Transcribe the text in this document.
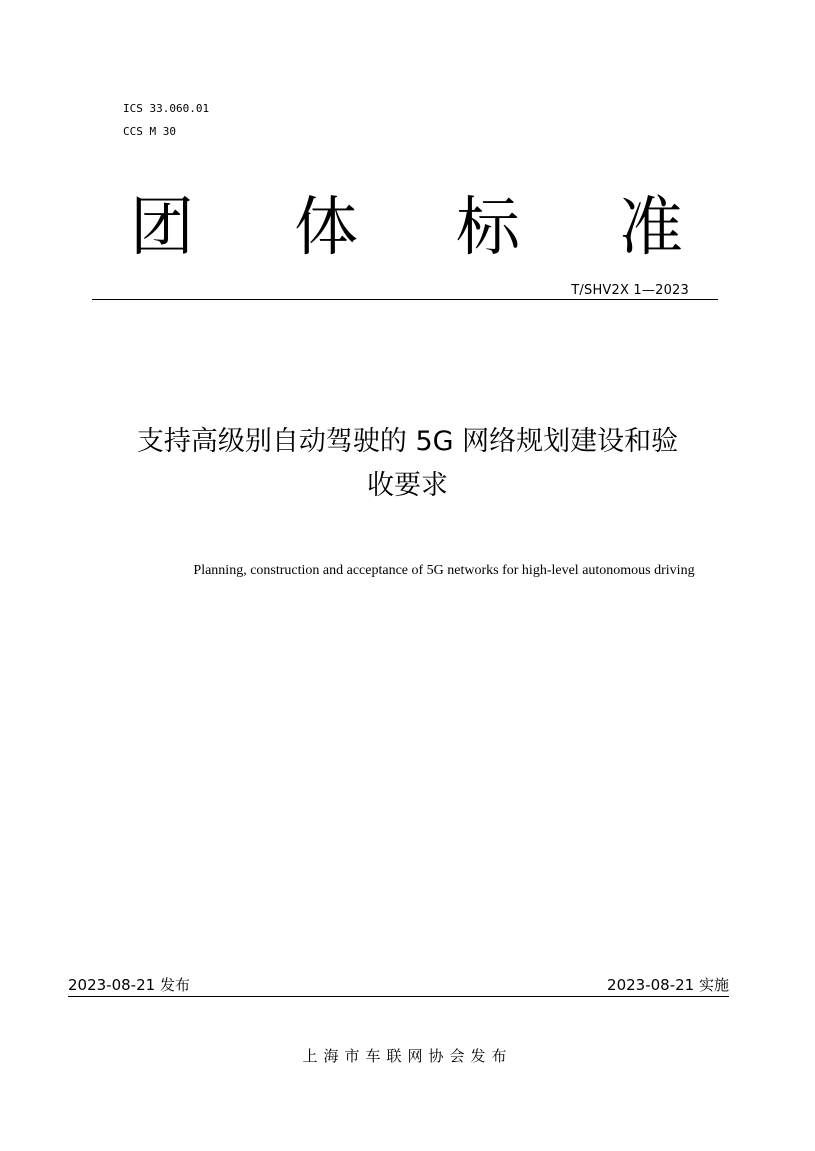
ICS 33.060.01
CCS M 30
团 体 标 准
T/SHV2X 1—2023
支持高级别自动驾驶的 5G 网络规划建设和验
收要求
Planning, construction and acceptance of 5G networks for high-level autonomous driving
2023-08-21 发布	2023-08-21 实施
上海市车联网协会发布
